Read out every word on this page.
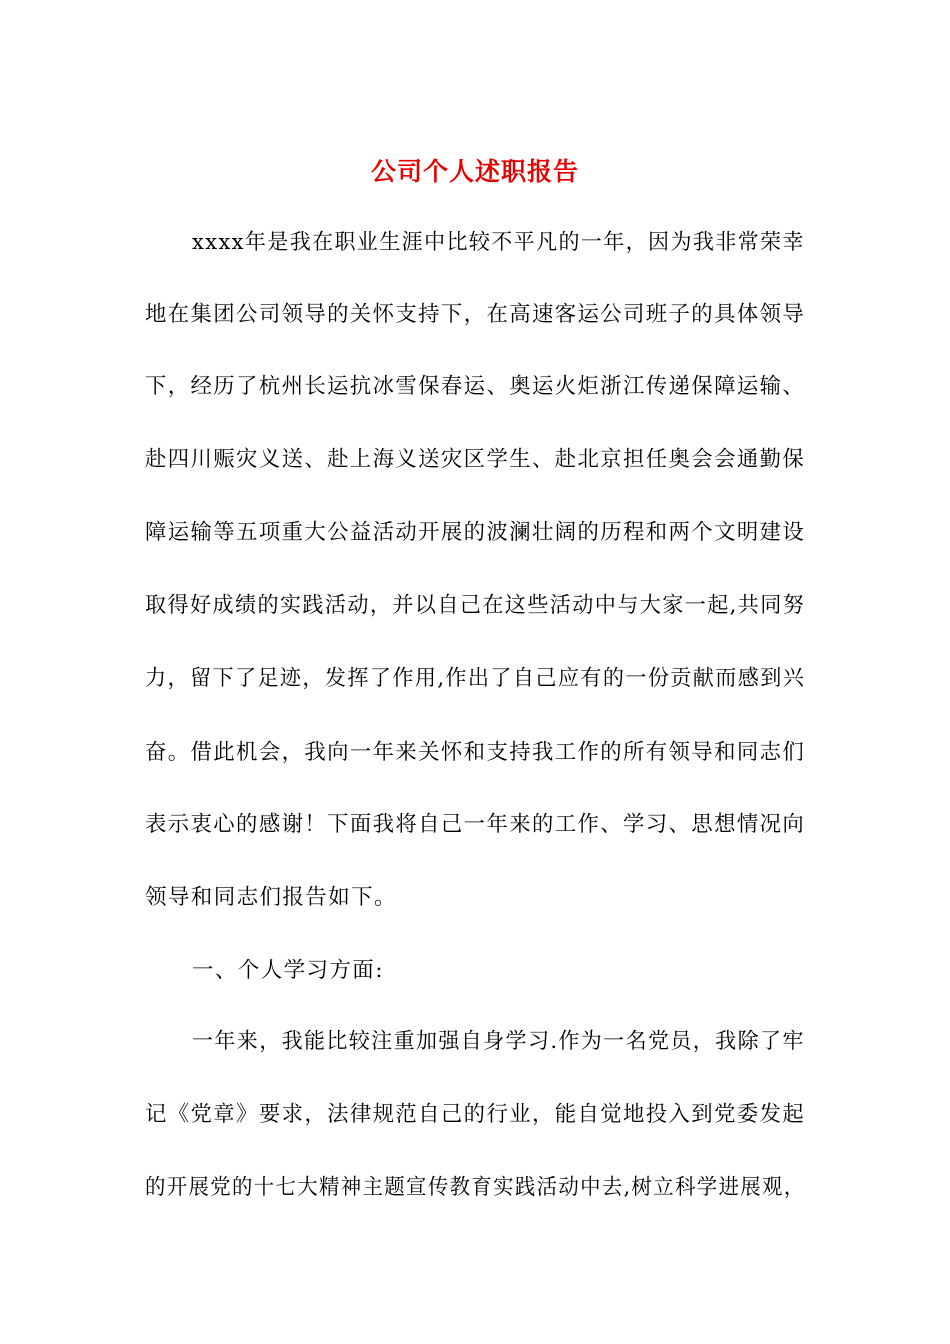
公司个人述职报告

xxxx年是我在职业生涯中比较不平凡的一年，因为我非常荣幸

地在集团公司领导的关怀支持下，在高速客运公司班子的具体领导

下，经历了杭州长运抗冰雪保春运、奥运火炬浙江传递保障运输、

赴四川赈灾义送、赴上海义送灾区学生、赴北京担任奥会会通勤保

障运输等五项重大公益活动开展的波澜壮阔的历程和两个文明建设

取得好成绩的实践活动，并以自己在这些活动中与大家一起,共同努

力，留下了足迹，发挥了作用,作出了自己应有的一份贡献而感到兴

奋。借此机会，我向一年来关怀和支持我工作的所有领导和同志们

表示衷心的感谢！下面我将自己一年来的工作、学习、思想情况向

领导和同志们报告如下。

一、个人学习方面:

一年来，我能比较注重加强自身学习.作为一名党员，我除了牢

记《党章》要求，法律规范自己的行业，能自觉地投入到党委发起

的开展党的十七大精神主题宣传教育实践活动中去,树立科学进展观，
